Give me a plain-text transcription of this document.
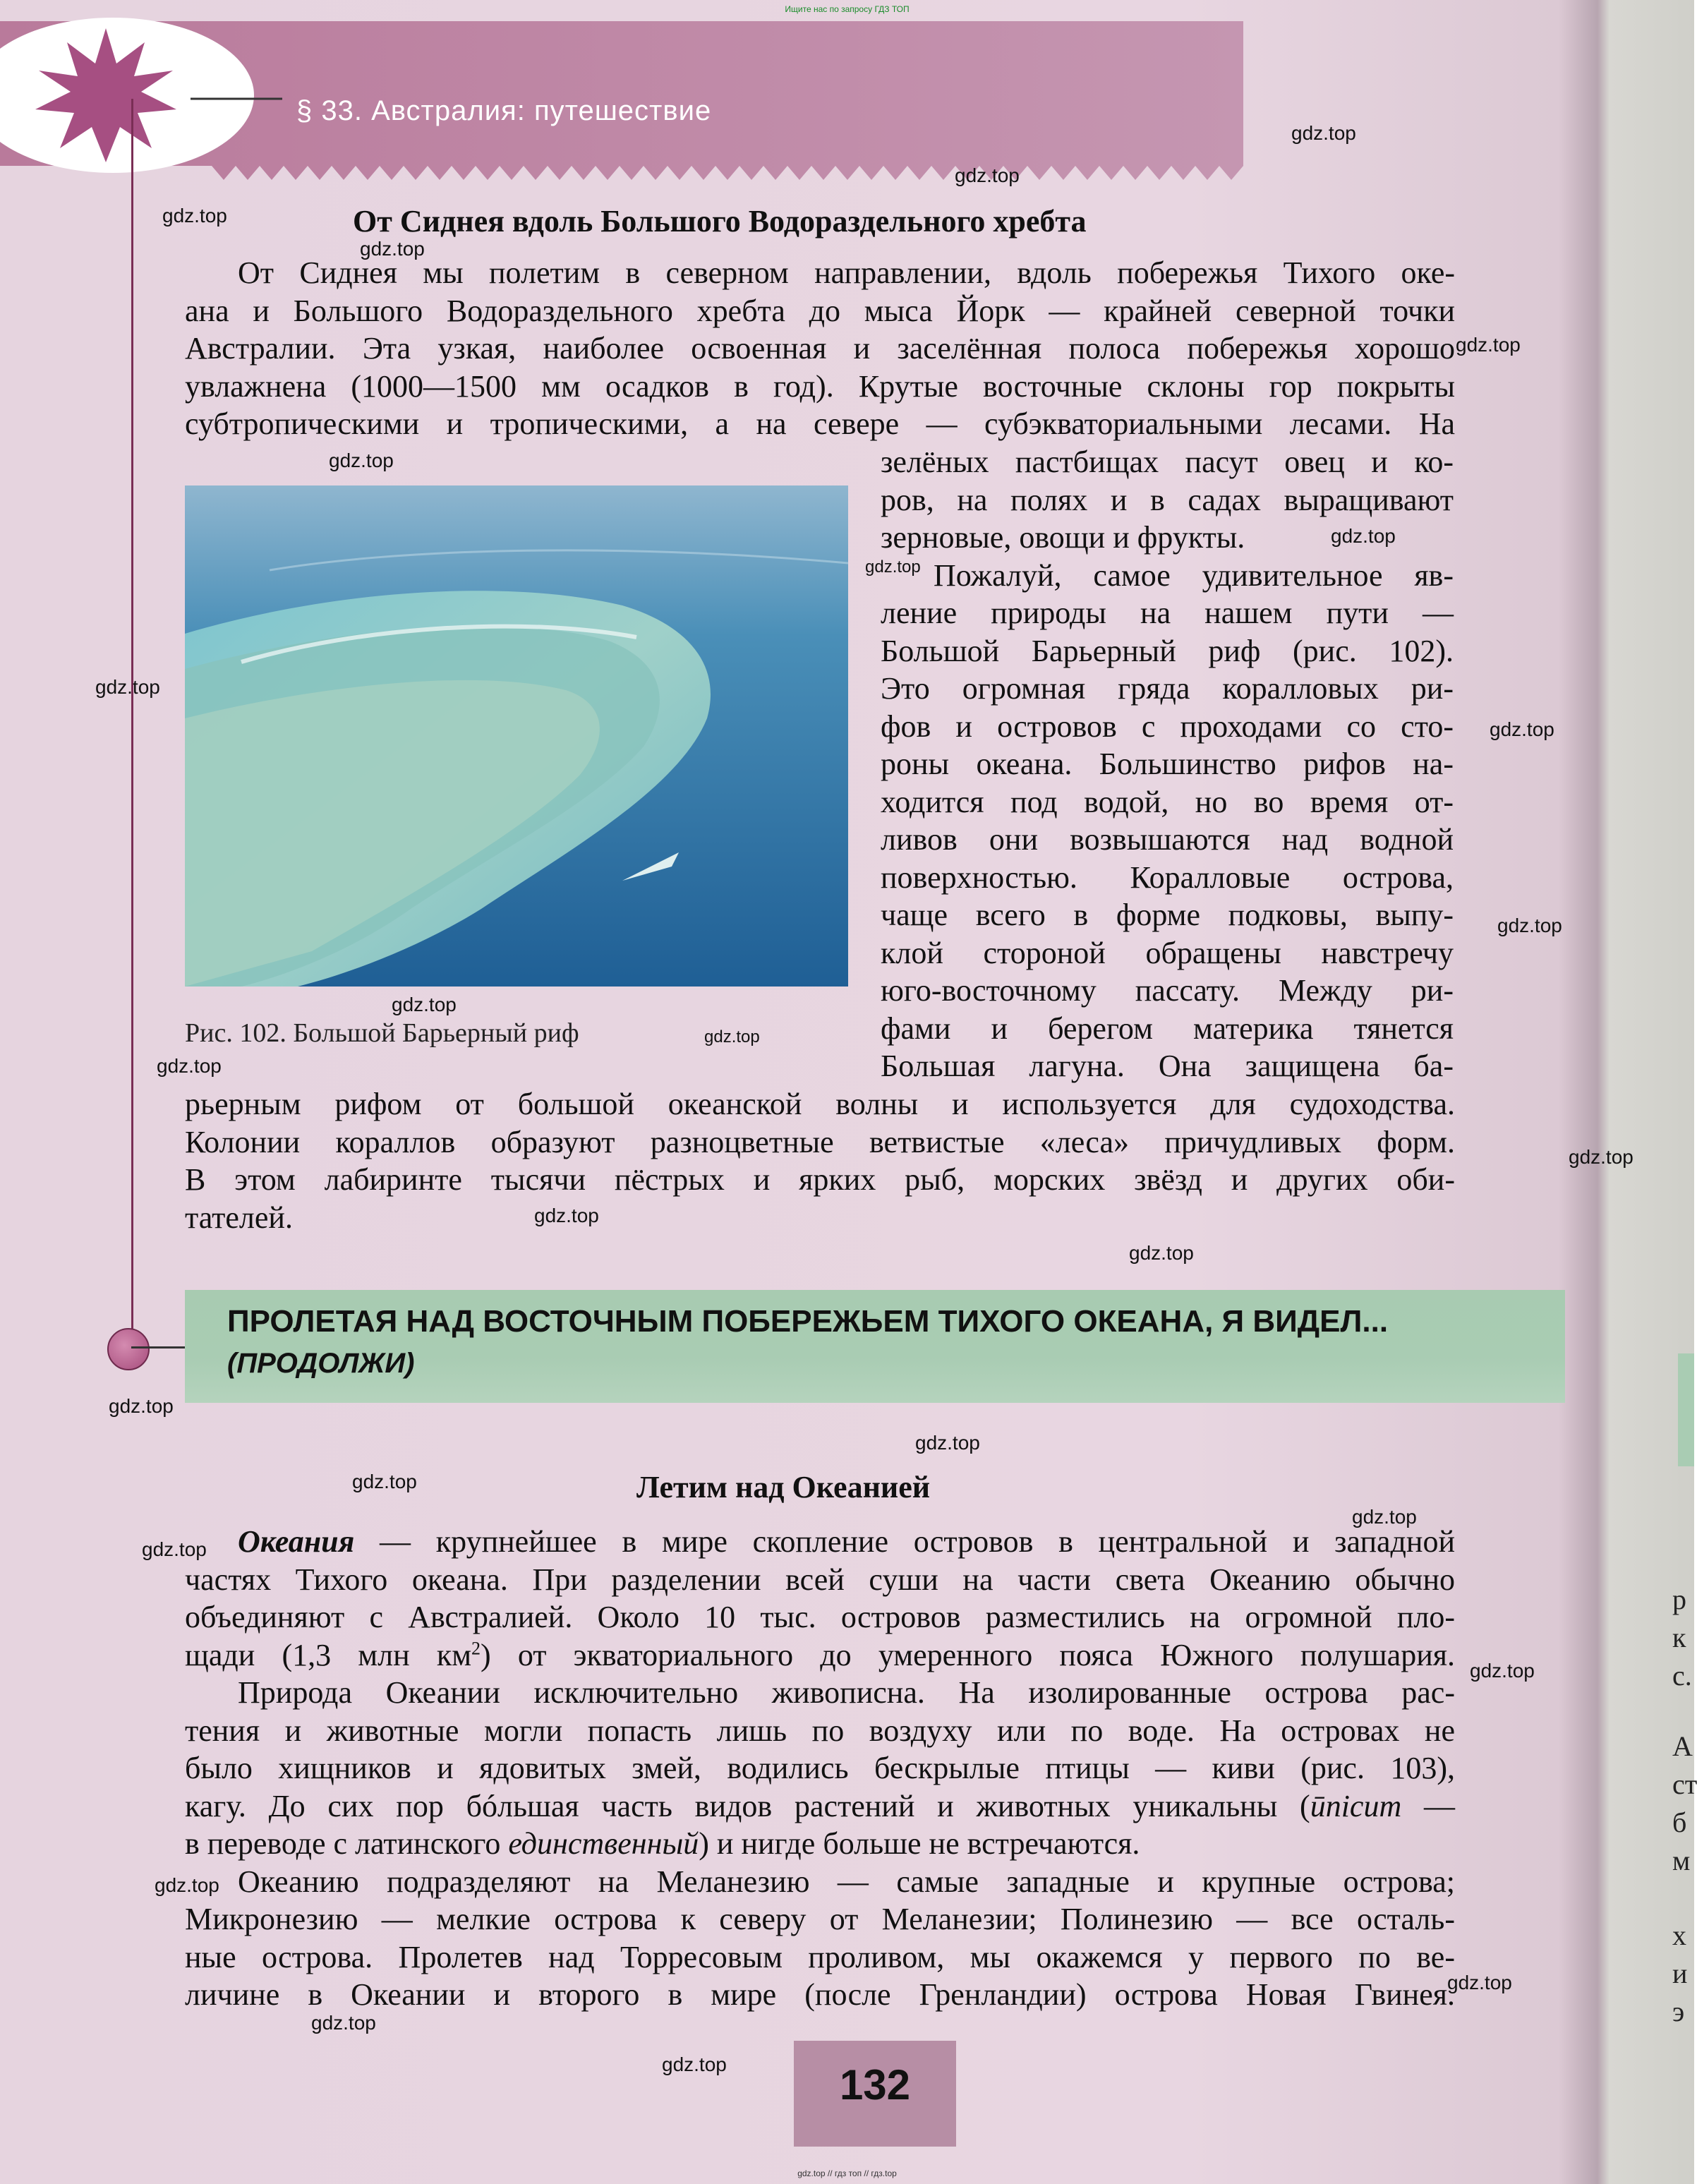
Ищите нас по запросу ГДЗ ТОП
§ 33. Австралия: путешествие
От Сиднея вдоль Большого Водораздельного хребта
От Сиднея мы полетим в северном направлении, вдоль побережья Тихого оке-
ана и Большого Водораздельного хребта до мыса Йорк — крайней северной точки
Австралии. Эта узкая, наиболее освоенная и заселённая полоса побережья хорошо
увлажнена (1000—1500 мм осадков в год). Крутые восточные склоны гор покрыты
субтропическими и тропическими, а на севере — субэкваториальными лесами. На
зелёных пастбищах пасут овец и ко-
ров, на полях и в садах выращивают
зерновые, овощи и фрукты.
Пожалуй, самое удивительное яв-
ление природы на нашем пути —
Большой Барьерный риф (рис. 102).
Это огромная гряда коралловых ри-
фов и островов с проходами со сто-
роны океана. Большинство рифов на-
ходится под водой, но во время от-
ливов они возвышаются над водной
поверхностью. Коралловые острова,
чаще всего в форме подковы, выпу-
клой стороной обращены навстречу
юго-восточному пассату. Между ри-
фами и берегом материка тянется
Большая лагуна. Она защищена ба-
Рис. 102. Большой Барьерный риф
рьерным рифом от большой океанской волны и используется для судоходства.
Колонии кораллов образуют разноцветные ветвистые «леса» причудливых форм.
В этом лабиринте тысячи пёстрых и ярких рыб, морских звёзд и других оби-
тателей.
ПРОЛЕТАЯ НАД ВОСТОЧНЫМ ПОБЕРЕЖЬЕМ ТИХОГО ОКЕАНА, Я ВИДЕЛ...
(ПРОДОЛЖИ)
Летим над Океанией
Океания — крупнейшее в мире скопление островов в центральной и западной
частях Тихого океана. При разделении всей суши на части света Океанию обычно
объединяют с Австралией. Около 10 тыс. островов разместились на огромной пло-
щади (1,3 млн $км^2$) от экваториального до умеренного пояса Южного полушария.
Природа Океании исключительно живописна. На изолированные острова рас-
тения и животные могли попасть лишь по воздуху или по воде. На островах не
было хищников и ядовитых змей, водились бескрылые птицы — киви (рис. 103),
кагу. До сих пор бóльшая часть видов растений и животных уникальны (ūnicum —
в переводе с латинского единственный) и нигде больше не встречаются.
Океанию подразделяют на Меланезию — самые западные и крупные острова;
Микронезию — мелкие острова к северу от Меланезии; Полинезию — все осталь-
ные острова. Пролетев над Торресовым проливом, мы окажемся у первого по ве-
личине в Океании и второго в мире (после Гренландии) острова Новая Гвинея.
132
р
к
с.
А
ст
б
м
х
и
э
gdz.top
gdz.top
gdz.top
gdz.top
gdz.top
gdz.top
gdz.top
gdz.top
gdz.top
gdz.top
gdz.top
gdz.top
gdz.top
gdz.top
gdz.top
gdz.top
gdz.top
gdz.top
gdz.top
gdz.top
gdz.top
gdz.top
gdz.top
gdz.top
gdz.top
gdz.top
gdz.top
gdz.top // гдз топ // гдз.top
